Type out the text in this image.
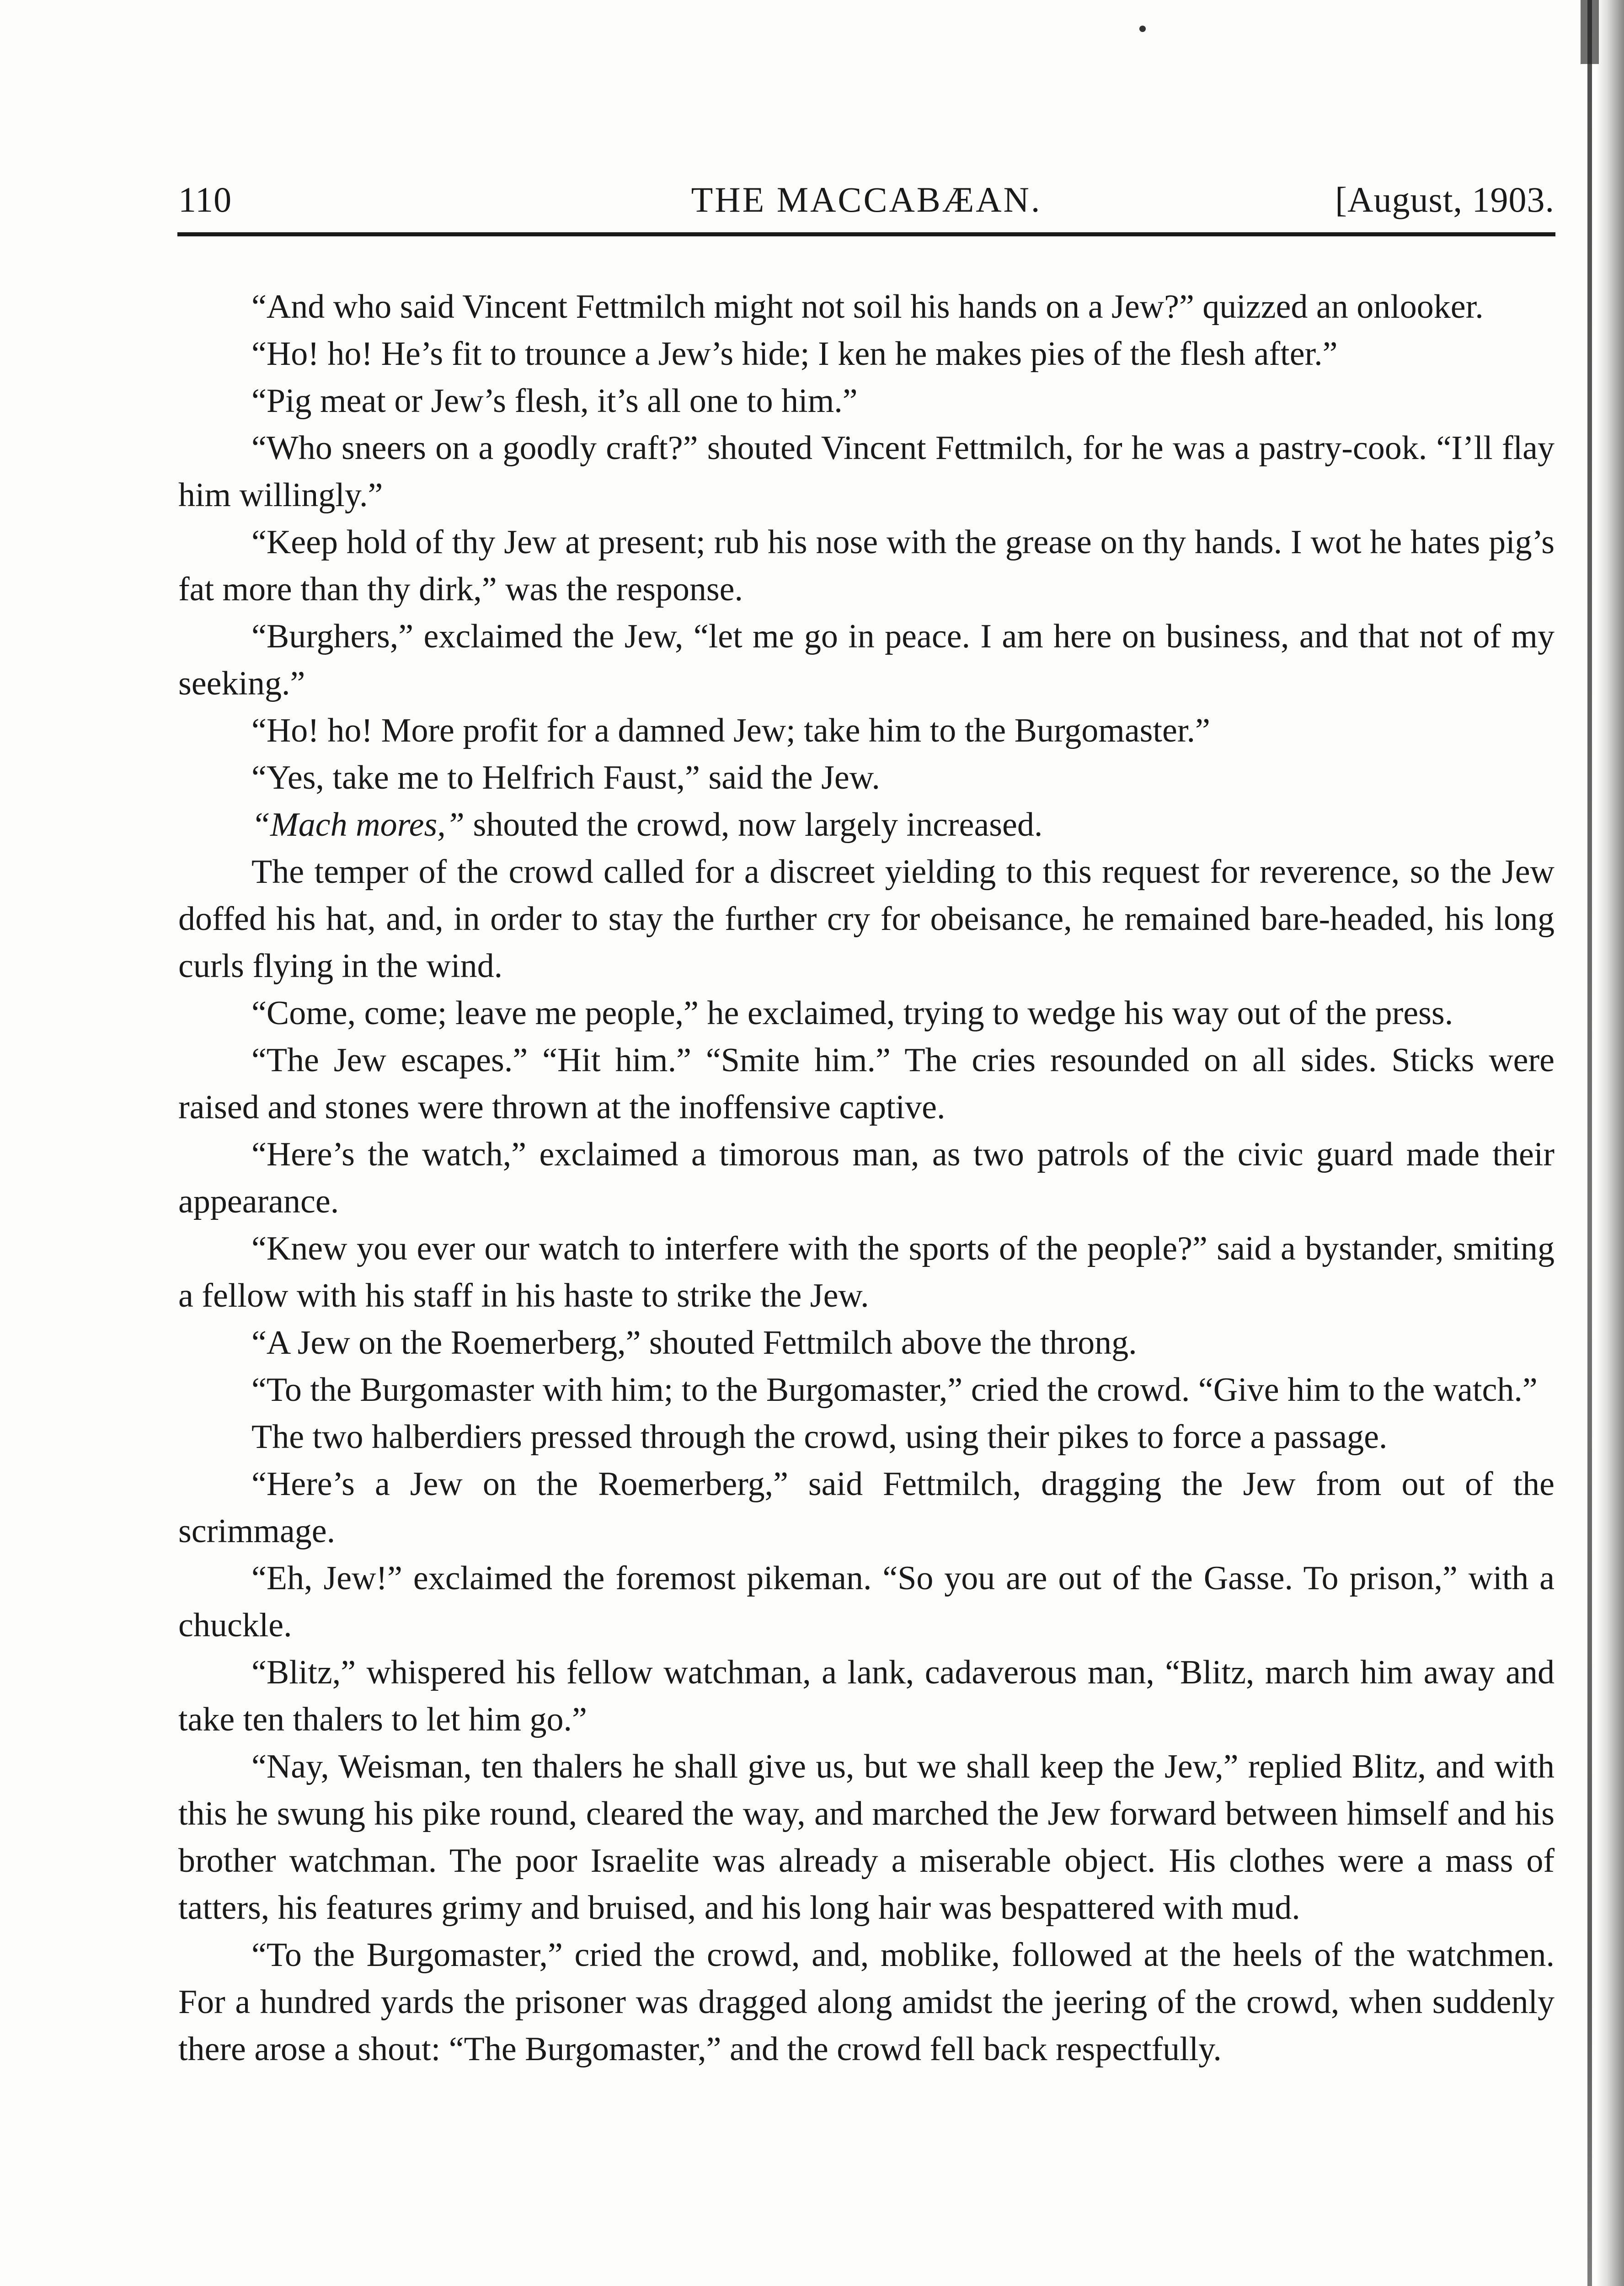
110	THE MACCABÆAN.	[August, 1903.

“And who said Vincent Fettmilch might not soil his hands on a Jew?” quizzed an onlooker.

“Ho! ho! He’s fit to trounce a Jew’s hide; I ken he makes pies of the flesh after.”

“Pig meat or Jew’s flesh, it’s all one to him.”

“Who sneers on a goodly craft?” shouted Vincent Fettmilch, for he was a pastry-cook. “I’ll flay him willingly.”

“Keep hold of thy Jew at present; rub his nose with the grease on thy hands. I wot he hates pig’s fat more than thy dirk,” was the response.

“Burghers,” exclaimed the Jew, “let me go in peace. I am here on business, and that not of my seeking.”

“Ho! ho! More profit for a damned Jew; take him to the Burgomaster.”

“Yes, take me to Helfrich Faust,” said the Jew.

“Mach mores,” shouted the crowd, now largely increased.

The temper of the crowd called for a discreet yielding to this request for reverence, so the Jew doffed his hat, and, in order to stay the further cry for obeisance, he remained bare-headed, his long curls flying in the wind.

“Come, come; leave me people,” he exclaimed, trying to wedge his way out of the press.

“The Jew escapes.” “Hit him.” “Smite him.” The cries resounded on all sides. Sticks were raised and stones were thrown at the inoffensive captive.

“Here’s the watch,” exclaimed a timorous man, as two patrols of the civic guard made their appearance.

“Knew you ever our watch to interfere with the sports of the people?” said a bystander, smiting a fellow with his staff in his haste to strike the Jew.

“A Jew on the Roemerberg,” shouted Fettmilch above the throng.

“To the Burgomaster with him; to the Burgomaster,” cried the crowd. “Give him to the watch.”

The two halberdiers pressed through the crowd, using their pikes to force a passage.

“Here’s a Jew on the Roemerberg,” said Fettmilch, dragging the Jew from out of the scrimmage.

“Eh, Jew!” exclaimed the foremost pikeman. “So you are out of the Gasse. To prison,” with a chuckle.

“Blitz,” whispered his fellow watchman, a lank, cadaverous man, “Blitz, march him away and take ten thalers to let him go.”

“Nay, Weisman, ten thalers he shall give us, but we shall keep the Jew,” replied Blitz, and with this he swung his pike round, cleared the way, and marched the Jew forward between himself and his brother watchman. The poor Israelite was already a miserable object. His clothes were a mass of tatters, his features grimy and bruised, and his long hair was bespattered with mud.

“To the Burgomaster,” cried the crowd, and, moblike, followed at the heels of the watchmen. For a hundred yards the prisoner was dragged along amidst the jeering of the crowd, when suddenly there arose a shout: “The Burgomaster,” and the crowd fell back respectfully.
